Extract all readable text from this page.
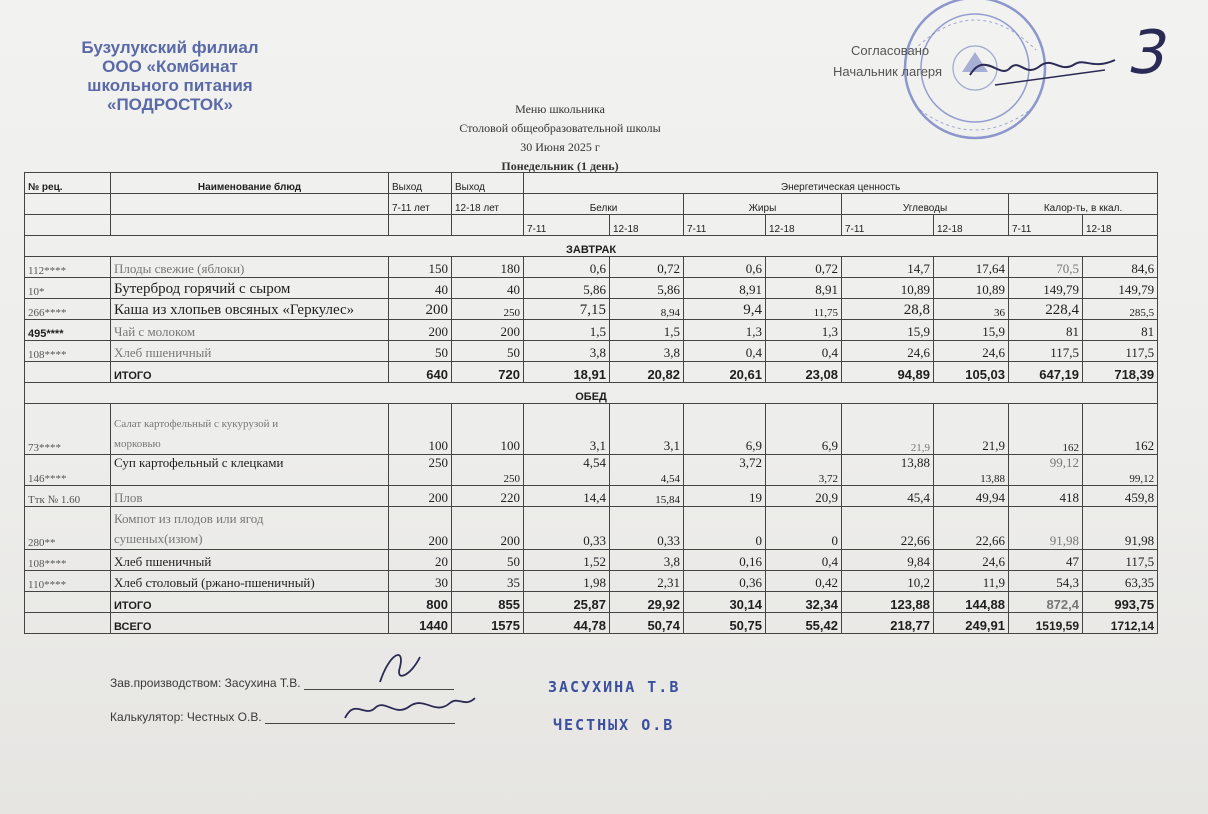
Бузулукский филиал
ООО «Комбинат
школьного питания
«ПОДРОСТОК»
Согласовано
Начальник лагеря	3
Меню школьника
Столовой общеобразовательной школы
30 Июня 2025 г
Понедельник (1 день)
№ рец.	Наименование блюд	Выход	Выход	Энергетическая ценность							
		7-11 лет	12-18 лет	Белки		Жиры		Углеводы		Калор-ть, в ккал.	
				7-11	12-18	7-11	12-18	7-11	12-18	7-11	12-18
ЗАВТРАК											
112****	Плоды свежие (яблоки)	150	180	0,6	0,72	0,6	0,72	14,7	17,64	70,5	84,6
10*	Бутерброд горячий с сыром	40	40	5,86	5,86	8,91	8,91	10,89	10,89	149,79	149,79
266****	Каша из хлопьев овсяных «Геркулес»	200	250	7,15	8,94	9,4	11,75	28,8	36	228,4	285,5
495****	Чай с молоком	200	200	1,5	1,5	1,3	1,3	15,9	15,9	81	81
108****	Хлеб пшеничный	50	50	3,8	3,8	0,4	0,4	24,6	24,6	117,5	117,5
	ИТОГО	640	720	18,91	20,82	20,61	23,08	94,89	105,03	647,19	718,39
ОБЕД											
73****	Салат картофельный с кукурузой и
морковью	100	100	3,1	3,1	6,9	6,9	21,9	21,9	162	162
146****	Суп картофельный с клецками	250	250	4,54	4,54	3,72	3,72	13,88	13,88	99,12	99,12
Ттк № 1.60	Плов	200	220	14,4	15,84	19	20,9	45,4	49,94	418	459,8
280**	Компот из плодов или ягод
сушеных(изюм)	200	200	0,33	0,33	0	0	22,66	22,66	91,98	91,98
108****	Хлеб пшеничный	20	50	1,52	3,8	0,16	0,4	9,84	24,6	47	117,5
110****	Хлеб столовый (ржано-пшеничный)	30	35	1,98	2,31	0,36	0,42	10,2	11,9	54,3	63,35
	ИТОГО	800	855	25,87	29,92	30,14	32,34	123,88	144,88	872,4	993,75
	ВСЕГО	1440	1575	44,78	50,74	50,75	55,42	218,77	249,91	1519,59	1712,14
Зав.производством: Засухина Т.В.	ЗАСУХИНА Т.В
Калькулятор: Честных О.В.	ЧЕСТНЫХ О.В
